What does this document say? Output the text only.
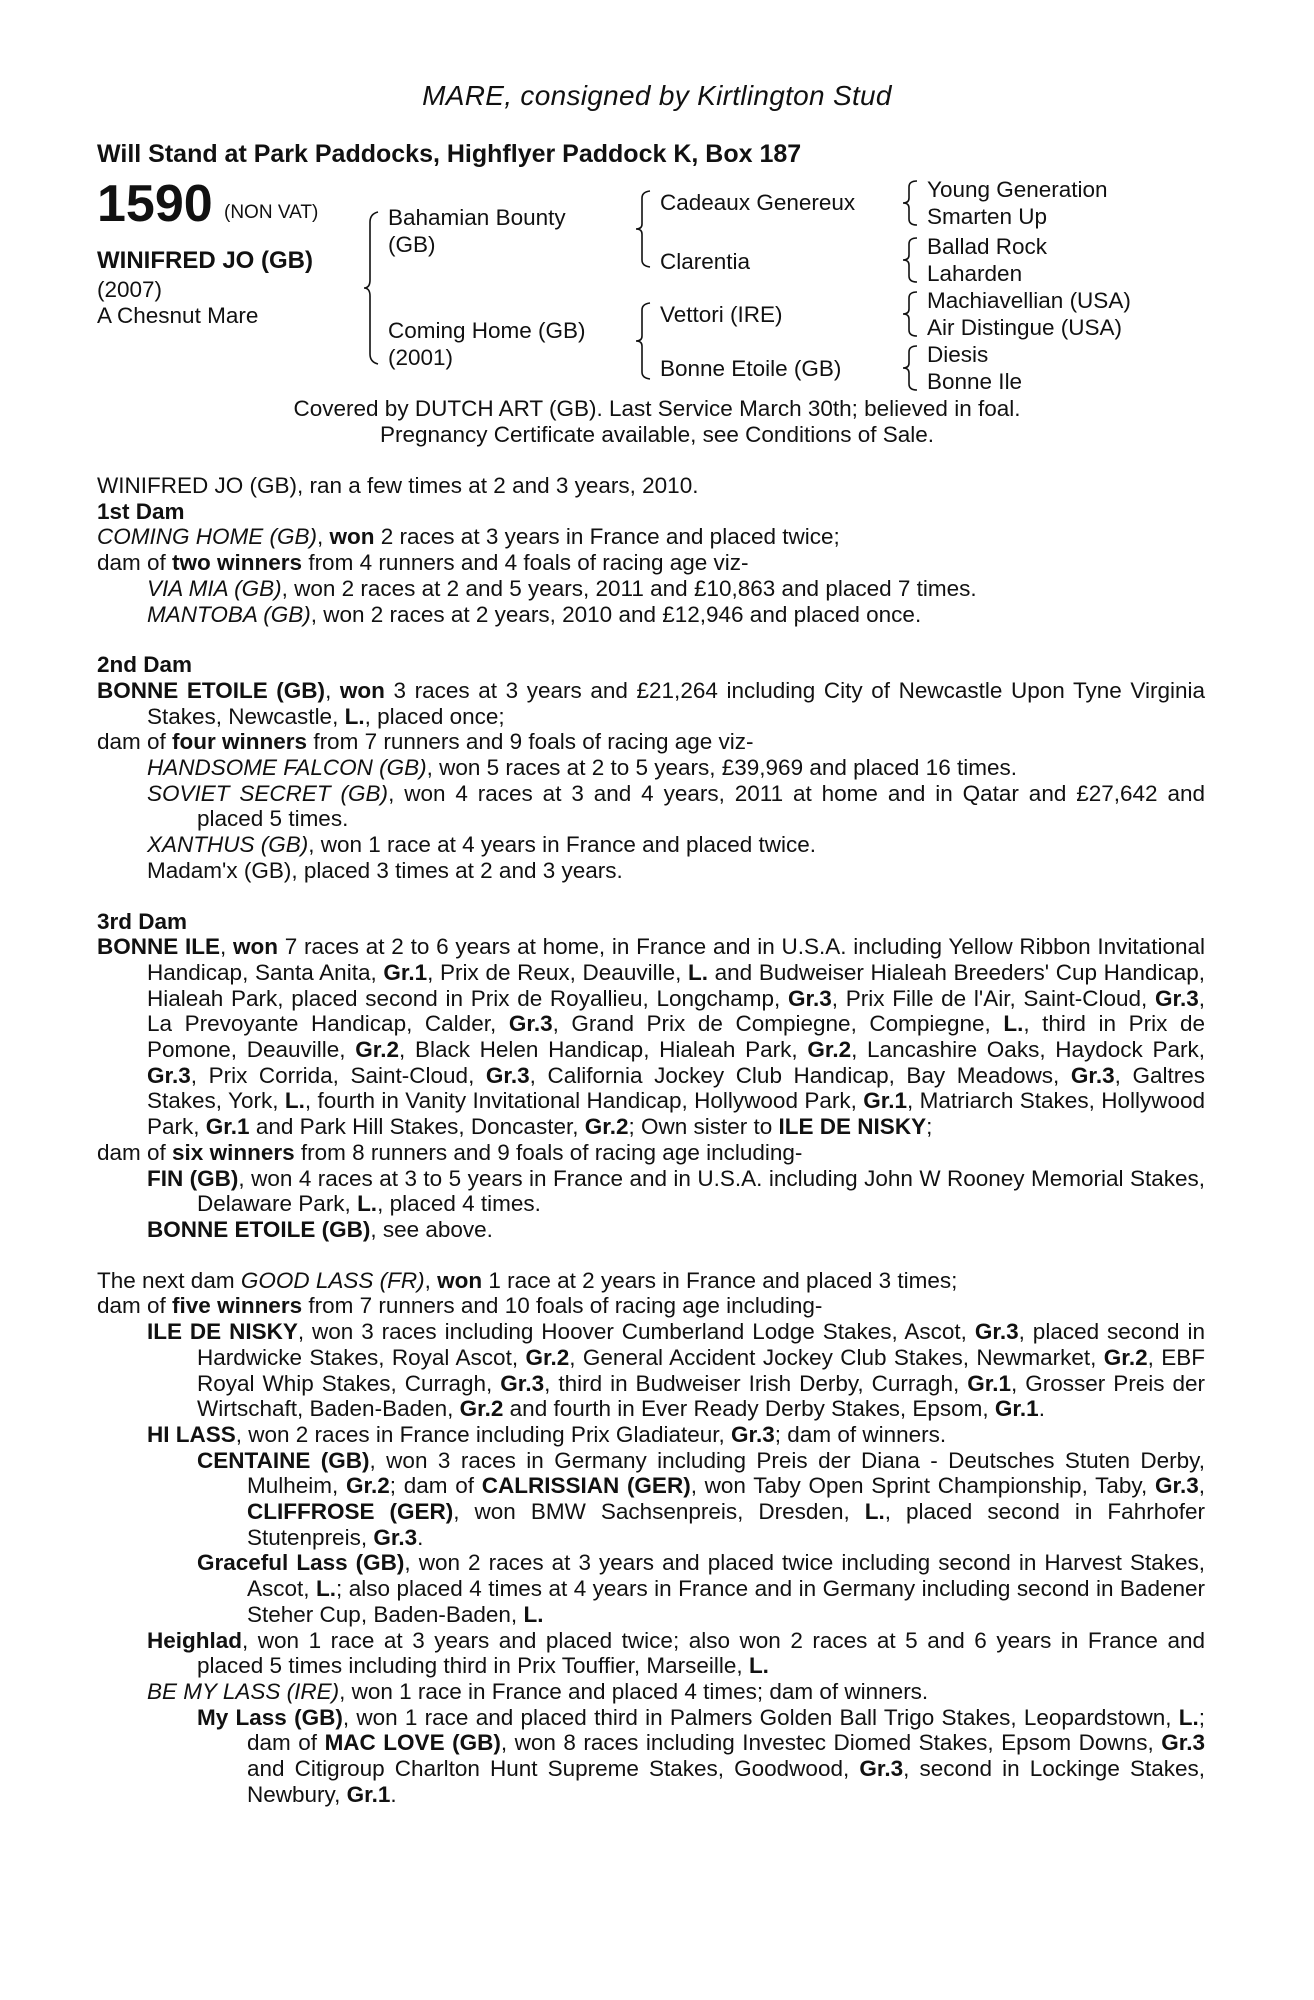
MARE, consigned by Kirtlington Stud
Will Stand at Park Paddocks, Highflyer Paddock K, Box 187
1590 (NON VAT)
WINIFRED JO (GB)
(2007)
A Chesnut Mare
Bahamian Bounty
(GB)
Coming Home (GB)
(2001)
Cadeaux Genereux
Clarentia
Vettori (IRE)
Bonne Etoile (GB)
Young Generation
Smarten Up
Ballad Rock
Laharden
Machiavellian (USA)
Air Distingue (USA)
Diesis
Bonne Ile
Covered by DUTCH ART (GB). Last Service March 30th; believed in foal.
Pregnancy Certificate available, see Conditions of Sale.

WINIFRED JO (GB), ran a few times at 2 and 3 years, 2010.

1st Dam

COMING HOME (GB), won 2 races at 3 years in France and placed twice;

dam of two winners from 4 runners and 4 foals of racing age viz-

VIA MIA (GB), won 2 races at 2 and 5 years, 2011 and £10,863 and placed 7 times.

MANTOBA (GB), won 2 races at 2 years, 2010 and £12,946 and placed once.

2nd Dam

BONNE ETOILE (GB), won 3 races at 3 years and £21,264 including City of Newcastle Upon Tyne Virginia Stakes, Newcastle, L., placed once;

dam of four winners from 7 runners and 9 foals of racing age viz-

HANDSOME FALCON (GB), won 5 races at 2 to 5 years, £39,969 and placed 16 times.

SOVIET SECRET (GB), won 4 races at 3 and 4 years, 2011 at home and in Qatar and £27,642 and placed 5 times.

XANTHUS (GB), won 1 race at 4 years in France and placed twice.

Madam'x (GB), placed 3 times at 2 and 3 years.

3rd Dam

BONNE ILE, won 7 races at 2 to 6 years at home, in France and in U.S.A. including Yellow Ribbon Invitational Handicap, Santa Anita, Gr.1, Prix de Reux, Deauville, L. and Budweiser Hialeah Breeders' Cup Handicap, Hialeah Park, placed second in Prix de Royallieu, Longchamp, Gr.3, Prix Fille de l'Air, Saint-Cloud, Gr.3, La Prevoyante Handicap, Calder, Gr.3, Grand Prix de Compiegne, Compiegne, L., third in Prix de Pomone, Deauville, Gr.2, Black Helen Handicap, Hialeah Park, Gr.2, Lancashire Oaks, Haydock Park, Gr.3, Prix Corrida, Saint-Cloud, Gr.3, California Jockey Club Handicap, Bay Meadows, Gr.3, Galtres Stakes, York, L., fourth in Vanity Invitational Handicap, Hollywood Park, Gr.1, Matriarch Stakes, Hollywood Park, Gr.1 and Park Hill Stakes, Doncaster, Gr.2; Own sister to ILE DE NISKY;

dam of six winners from 8 runners and 9 foals of racing age including-

FIN (GB), won 4 races at 3 to 5 years in France and in U.S.A. including John W Rooney Memorial Stakes, Delaware Park, L., placed 4 times.

BONNE ETOILE (GB), see above.

The next dam GOOD LASS (FR), won 1 race at 2 years in France and placed 3 times;

dam of five winners from 7 runners and 10 foals of racing age including-

ILE DE NISKY, won 3 races including Hoover Cumberland Lodge Stakes, Ascot, Gr.3, placed second in Hardwicke Stakes, Royal Ascot, Gr.2, General Accident Jockey Club Stakes, Newmarket, Gr.2, EBF Royal Whip Stakes, Curragh, Gr.3, third in Budweiser Irish Derby, Curragh, Gr.1, Grosser Preis der Wirtschaft, Baden-Baden, Gr.2 and fourth in Ever Ready Derby Stakes, Epsom, Gr.1.

HI LASS, won 2 races in France including Prix Gladiateur, Gr.3; dam of winners.

CENTAINE (GB), won 3 races in Germany including Preis der Diana - Deutsches Stuten Derby, Mulheim, Gr.2; dam of CALRISSIAN (GER), won Taby Open Sprint Championship, Taby, Gr.3, CLIFFROSE (GER), won BMW Sachsenpreis, Dresden, L., placed second in Fahrhofer Stutenpreis, Gr.3.

Graceful Lass (GB), won 2 races at 3 years and placed twice including second in Harvest Stakes, Ascot, L.; also placed 4 times at 4 years in France and in Germany including second in Badener Steher Cup, Baden-Baden, L.

Heighlad, won 1 race at 3 years and placed twice; also won 2 races at 5 and 6 years in France and placed 5 times including third in Prix Touffier, Marseille, L.

BE MY LASS (IRE), won 1 race in France and placed 4 times; dam of winners.

My Lass (GB), won 1 race and placed third in Palmers Golden Ball Trigo Stakes, Leopardstown, L.; dam of MAC LOVE (GB), won 8 races including Investec Diomed Stakes, Epsom Downs, Gr.3 and Citigroup Charlton Hunt Supreme Stakes, Goodwood, Gr.3, second in Lockinge Stakes, Newbury, Gr.1.
